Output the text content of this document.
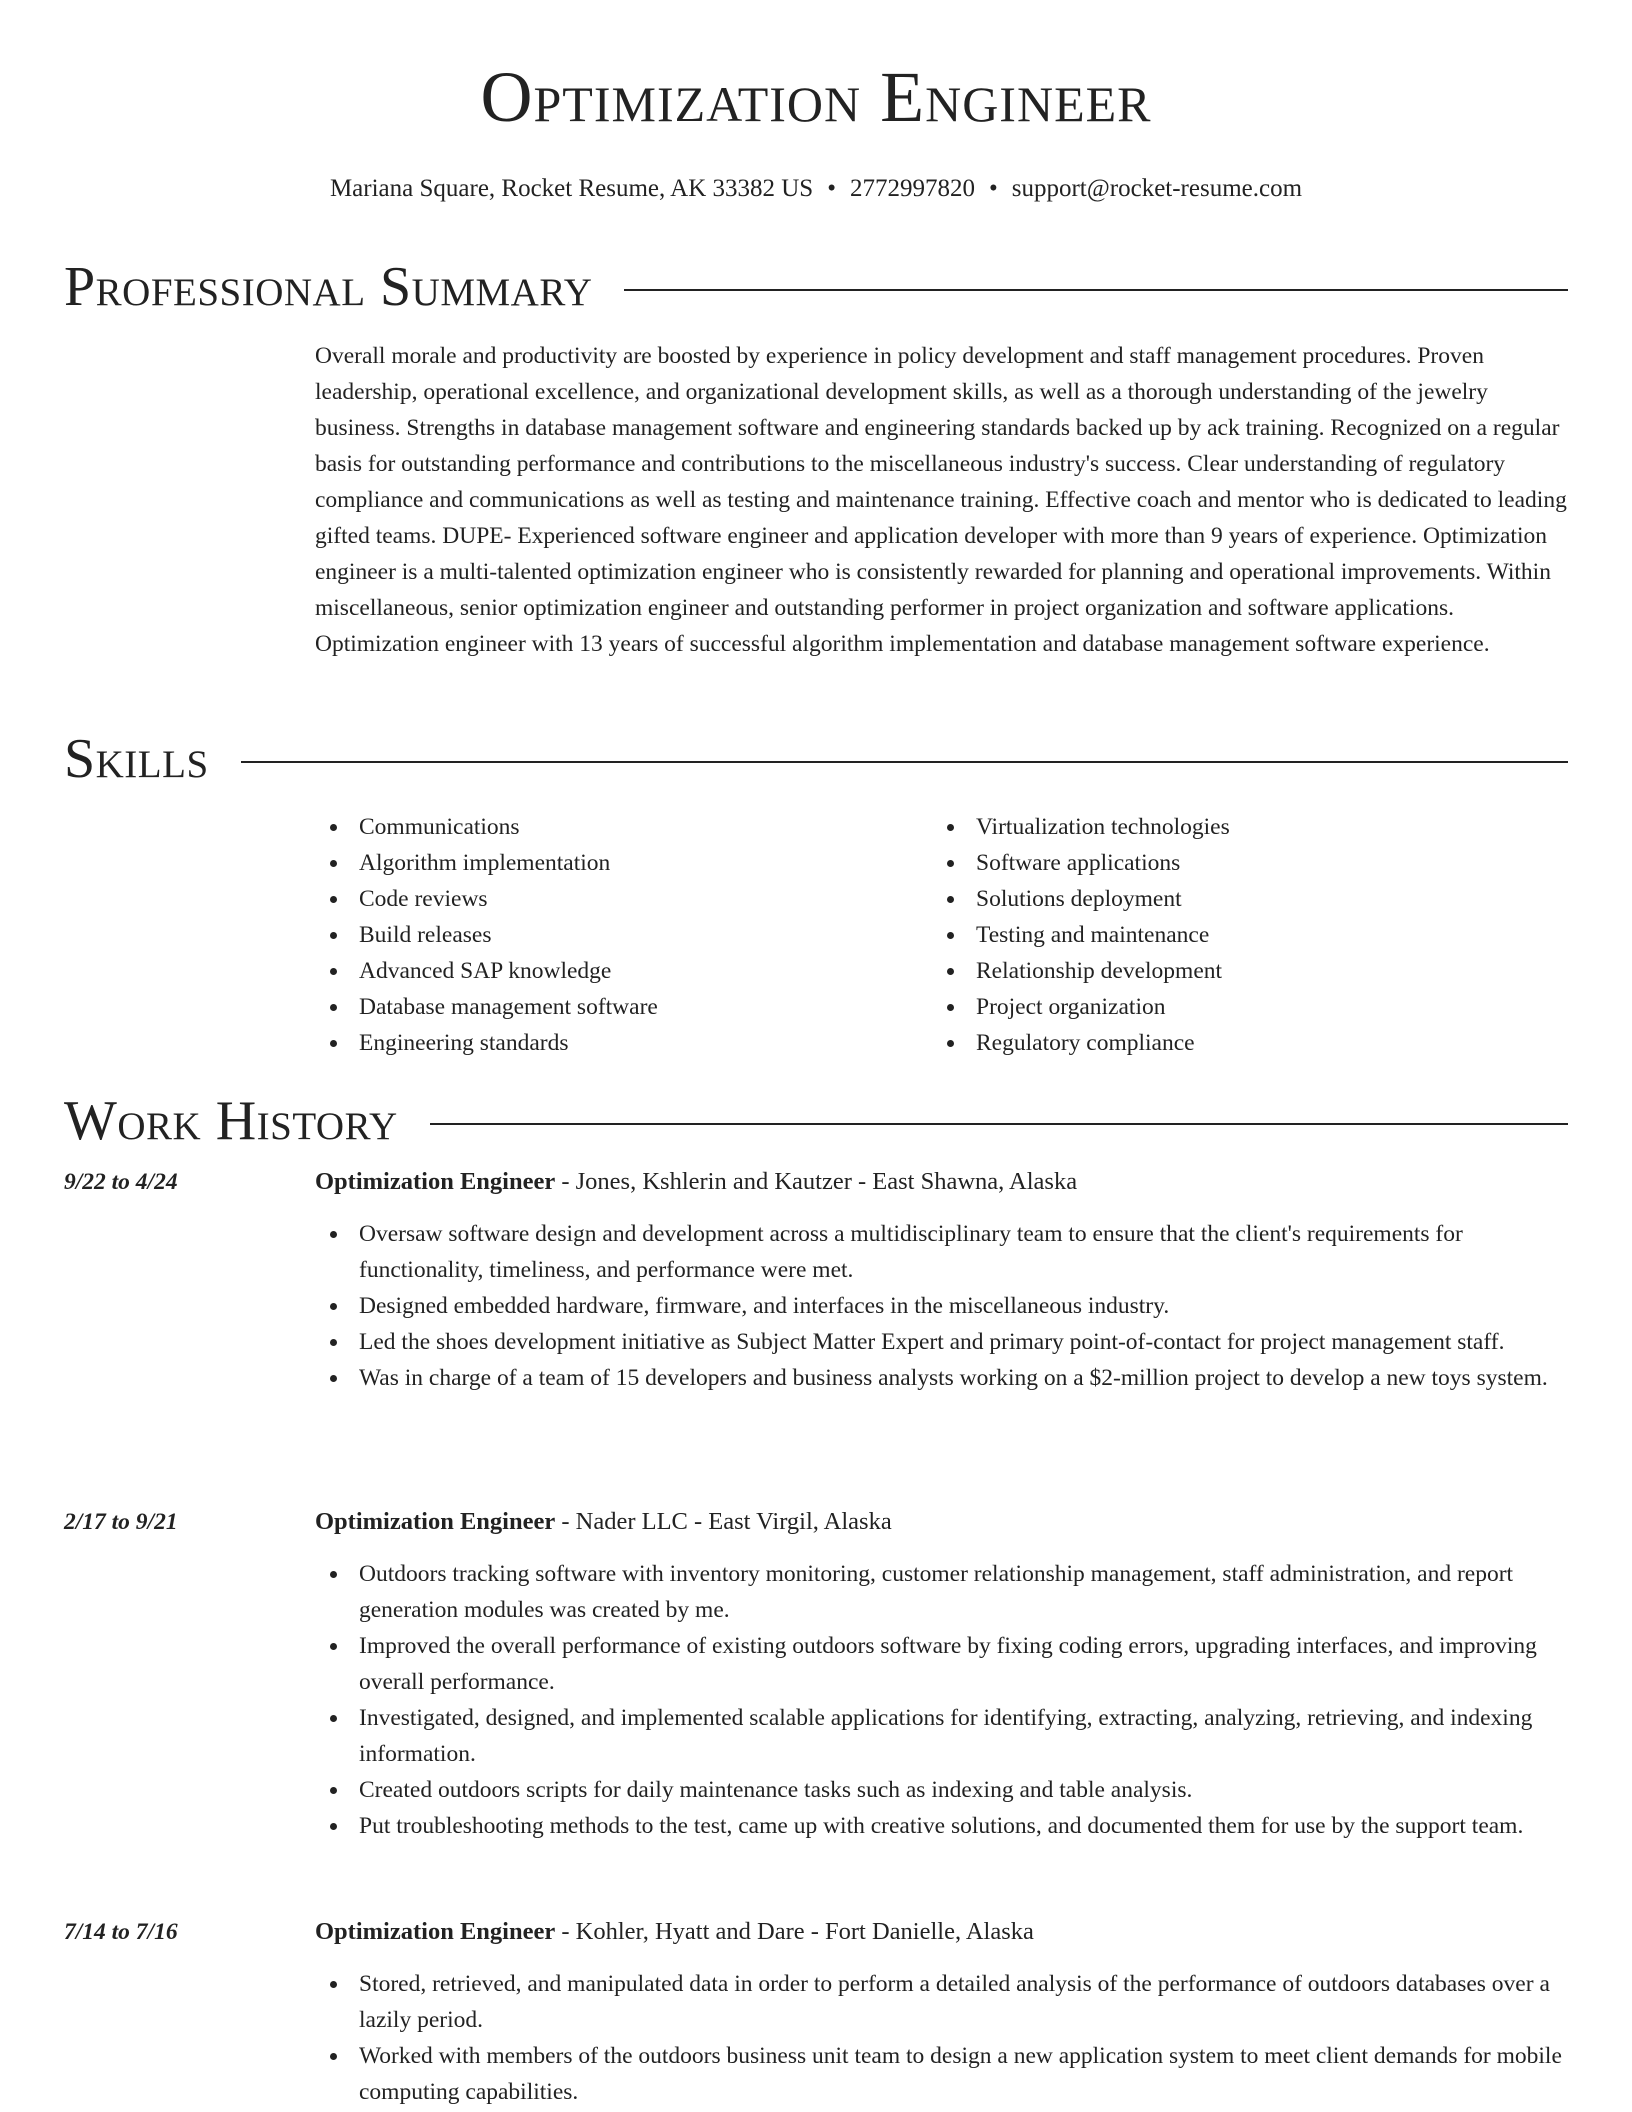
Optimization Engineer
Mariana Square, Rocket Resume, AK 33382 US • 2772997820 • support@rocket-resume.com
Professional Summary

Overall morale and productivity are boosted by experience in policy development and staff management procedures. Proven leadership, operational excellence, and organizational development skills, as well as a thorough understanding of the jewelry business. Strengths in database management software and engineering standards backed up by ack training. Recognized on a regular basis for outstanding performance and contributions to the miscellaneous industry's success. Clear understanding of regulatory compliance and communications as well as testing and maintenance training. Effective coach and mentor who is dedicated to leading gifted teams. DUPE- Experienced software engineer and application developer with more than 9 years of experience. Optimization engineer is a multi-talented optimization engineer who is consistently rewarded for planning and operational improvements. Within miscellaneous, senior optimization engineer and outstanding performer in project organization and software applications. Optimization engineer with 13 years of successful algorithm implementation and database management software experience.

Skills
Communications
Algorithm implementation
Code reviews
Build releases
Advanced SAP knowledge
Database management software
Engineering standards
Virtualization technologies
Software applications
Solutions deployment
Testing and maintenance
Relationship development
Project organization
Regulatory compliance
Work History
9/22 to 4/24	Optimization Engineer - Jones, Kshlerin and Kautzer - East Shawna, Alaska
Oversaw software design and development across a multidisciplinary team to ensure that the client's requirements for functionality, timeliness, and performance were met.
Designed embedded hardware, firmware, and interfaces in the miscellaneous industry.
Led the shoes development initiative as Subject Matter Expert and primary point-of-contact for project management staff.
Was in charge of a team of 15 developers and business analysts working on a $2-million project to develop a new toys system.
2/17 to 9/21	Optimization Engineer - Nader LLC - East Virgil, Alaska
Outdoors tracking software with inventory monitoring, customer relationship management, staff administration, and report generation modules was created by me.
Improved the overall performance of existing outdoors software by fixing coding errors, upgrading interfaces, and improving overall performance.
Investigated, designed, and implemented scalable applications for identifying, extracting, analyzing, retrieving, and indexing information.
Created outdoors scripts for daily maintenance tasks such as indexing and table analysis.
Put troubleshooting methods to the test, came up with creative solutions, and documented them for use by the support team.
7/14 to 7/16	Optimization Engineer - Kohler, Hyatt and Dare - Fort Danielle, Alaska
Stored, retrieved, and manipulated data in order to perform a detailed analysis of the performance of outdoors databases over a lazily period.
Worked with members of the outdoors business unit team to design a new application system to meet client demands for mobile computing capabilities.
